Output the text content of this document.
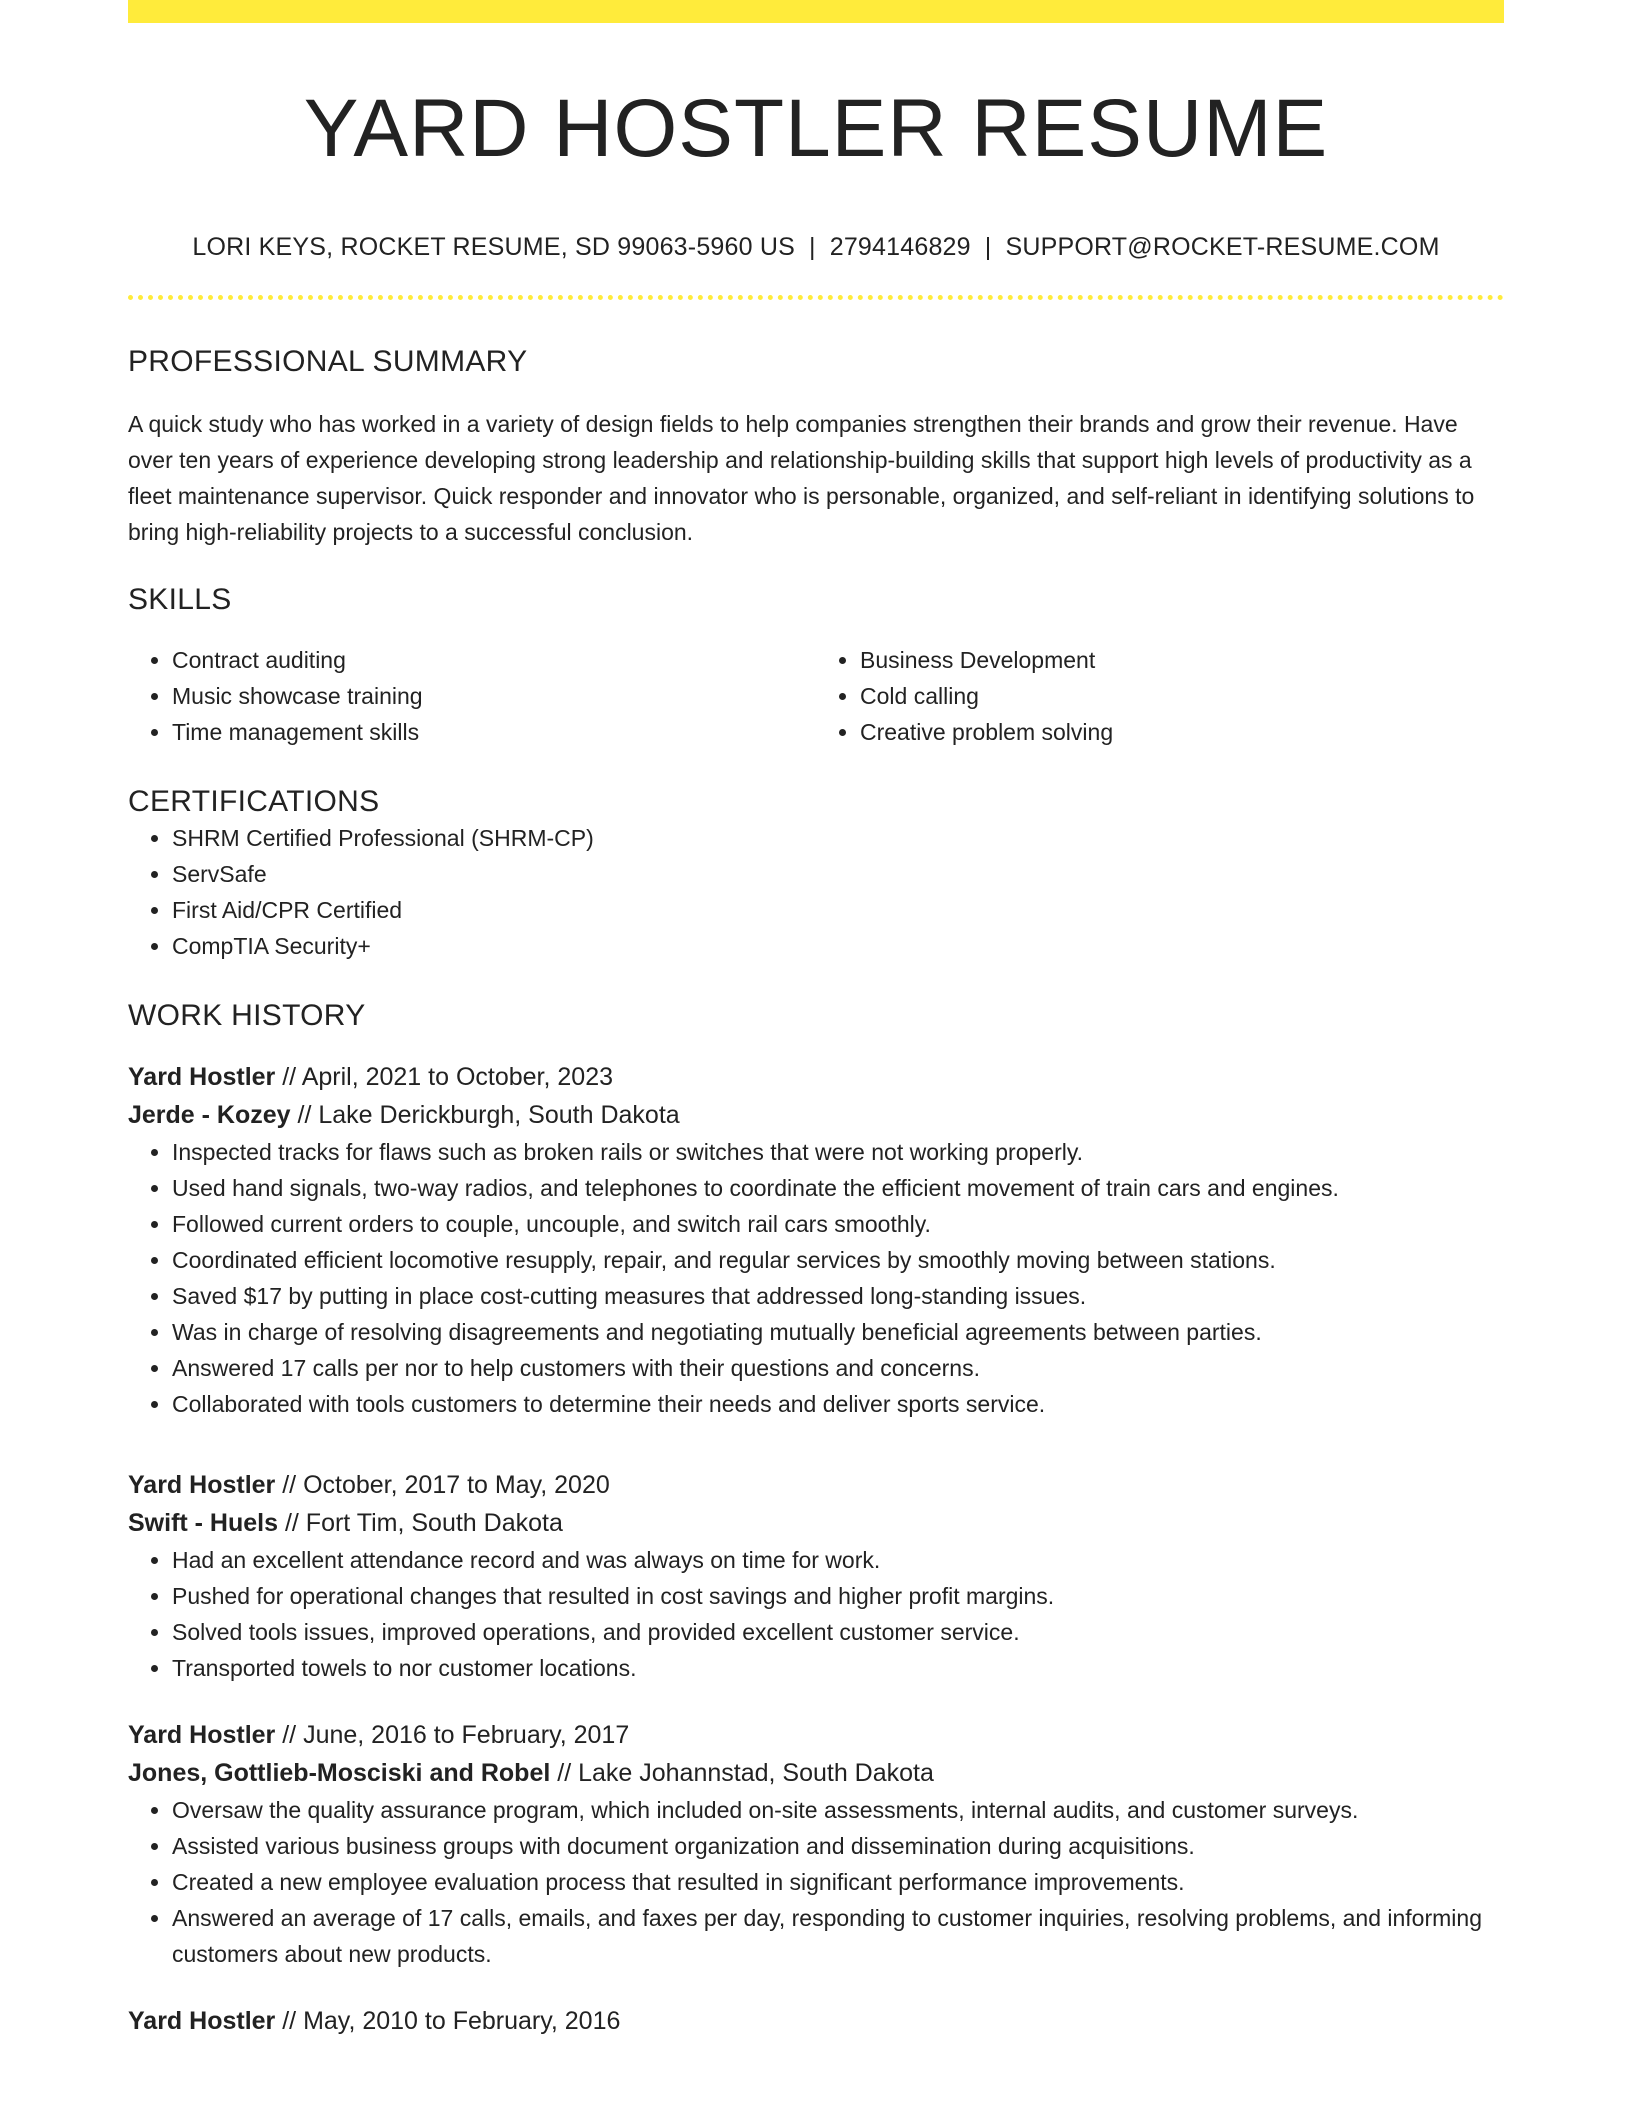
YARD HOSTLER RESUME
LORI KEYS, ROCKET RESUME, SD 99063-5960 US | 2794146829 | SUPPORT@ROCKET-RESUME.COM
PROFESSIONAL SUMMARY

A quick study who has worked in a variety of design fields to help companies strengthen their brands and grow their revenue. Have over ten years of experience developing strong leadership and relationship-building skills that support high levels of productivity as a fleet maintenance supervisor. Quick responder and innovator who is personable, organized, and self-reliant in identifying solutions to bring high-reliability projects to a successful conclusion.

SKILLS
• Contract auditing
• Music showcase training
• Time management skills
• Business Development
• Cold calling
• Creative problem solving
CERTIFICATIONS
• SHRM Certified Professional (SHRM-CP)
• ServSafe
• First Aid/CPR Certified
• CompTIA Security+
WORK HISTORY
Yard Hostler // April, 2021 to October, 2023
Jerde - Kozey // Lake Derickburgh, South Dakota
• Inspected tracks for flaws such as broken rails or switches that were not working properly.
• Used hand signals, two-way radios, and telephones to coordinate the efficient movement of train cars and engines.
• Followed current orders to couple, uncouple, and switch rail cars smoothly.
• Coordinated efficient locomotive resupply, repair, and regular services by smoothly moving between stations.
• Saved $17 by putting in place cost-cutting measures that addressed long-standing issues.
• Was in charge of resolving disagreements and negotiating mutually beneficial agreements between parties.
• Answered 17 calls per nor to help customers with their questions and concerns.
• Collaborated with tools customers to determine their needs and deliver sports service.
Yard Hostler // October, 2017 to May, 2020
Swift - Huels // Fort Tim, South Dakota
• Had an excellent attendance record and was always on time for work.
• Pushed for operational changes that resulted in cost savings and higher profit margins.
• Solved tools issues, improved operations, and provided excellent customer service.
• Transported towels to nor customer locations.
Yard Hostler // June, 2016 to February, 2017
Jones, Gottlieb-Mosciski and Robel // Lake Johannstad, South Dakota
• Oversaw the quality assurance program, which included on-site assessments, internal audits, and customer surveys.
• Assisted various business groups with document organization and dissemination during acquisitions.
• Created a new employee evaluation process that resulted in significant performance improvements.
• Answered an average of 17 calls, emails, and faxes per day, responding to customer inquiries, resolving problems, and informing customers about new products.
Yard Hostler // May, 2010 to February, 2016
